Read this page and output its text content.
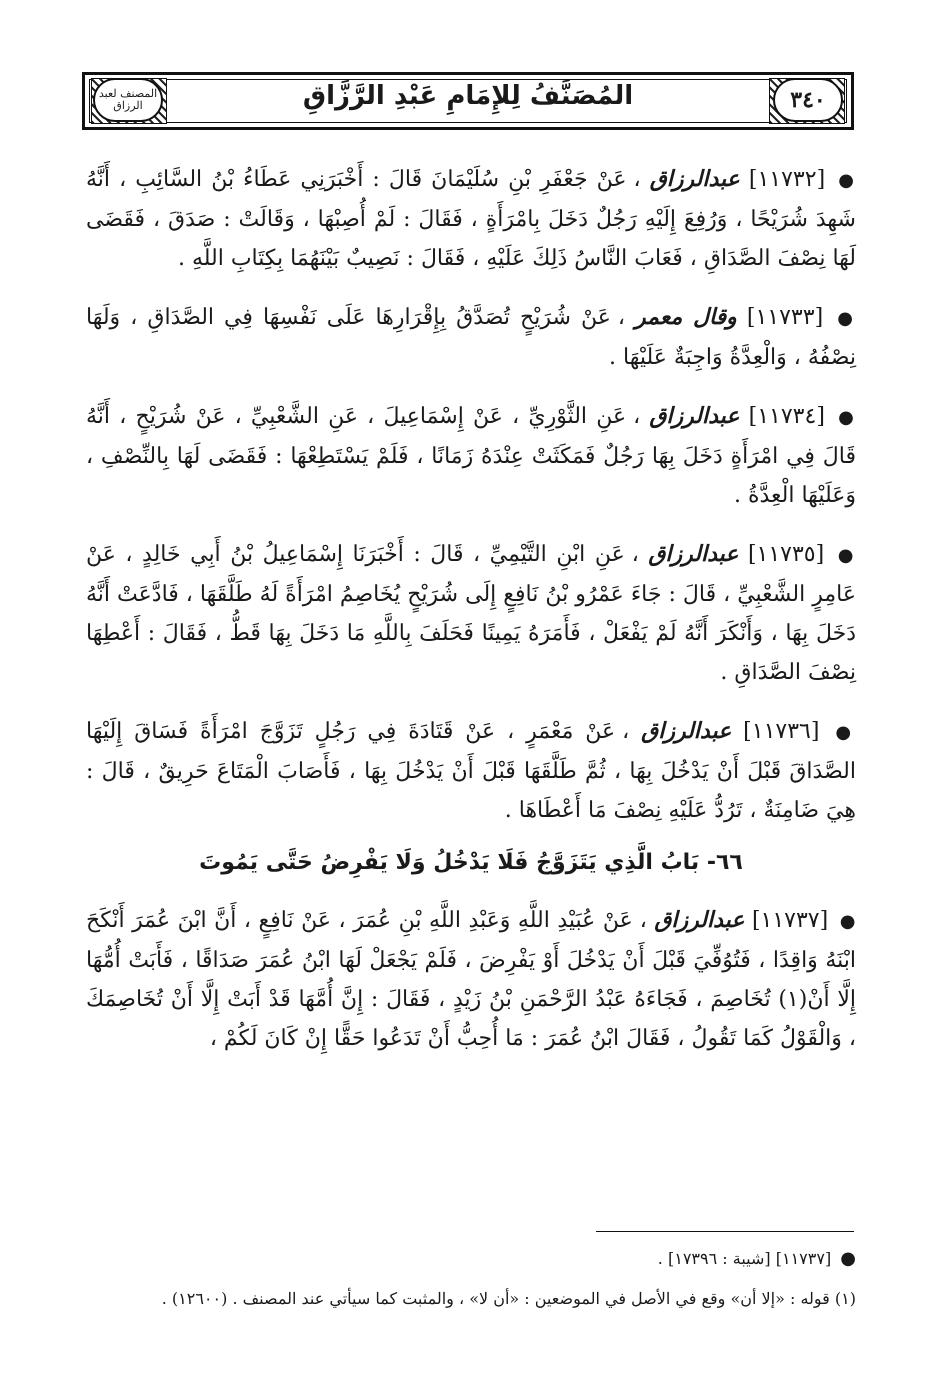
٣٤٠
المصنف لعبد الرزاق	المُصَنَّفُ لِلإِمَامِ عَبْدِ الرَّزَّاقِ

● [١١٧٣٢] عبدالرزاق ، عَنْ جَعْفَرِ بْنِ سُلَيْمَانَ قَالَ : أَخْبَرَنِي عَطَاءُ بْنُ السَّائِبِ ، أَنَّهُ شَهِدَ شُرَيْحًا ، وَرُفِعَ إِلَيْهِ رَجُلٌ دَخَلَ بِامْرَأَةٍ ، فَقَالَ : لَمْ أُصِبْهَا ، وَقَالَتْ : صَدَقَ ، فَقَضَى لَهَا نِصْفَ الصَّدَاقِ ، فَعَابَ النَّاسُ ذَلِكَ عَلَيْهِ ، فَقَالَ : نَصِيبٌ بَيْنَهُمَا بِكِتَابِ اللَّهِ .

● [١١٧٣٣] وقال معمر ، عَنْ شُرَيْحٍ تُصَدَّقُ بِإِقْرَارِهَا عَلَى نَفْسِهَا فِي الصَّدَاقِ ، وَلَهَا نِصْفُهُ ، وَالْعِدَّةُ وَاجِبَةٌ عَلَيْهَا .

● [١١٧٣٤] عبدالرزاق ، عَنِ الثَّوْرِيِّ ، عَنْ إِسْمَاعِيلَ ، عَنِ الشَّعْبِيِّ ، عَنْ شُرَيْحٍ ، أَنَّهُ قَالَ فِي امْرَأَةٍ دَخَلَ بِهَا رَجُلٌ فَمَكَثَتْ عِنْدَهُ زَمَانًا ، فَلَمْ يَسْتَطِعْهَا : فَقَضَى لَهَا بِالنِّصْفِ ، وَعَلَيْهَا الْعِدَّةُ .

● [١١٧٣٥] عبدالرزاق ، عَنِ ابْنِ التَّيْمِيِّ ، قَالَ : أَخْبَرَنَا إِسْمَاعِيلُ بْنُ أَبِي خَالِدٍ ، عَنْ عَامِرٍ الشَّعْبِيِّ ، قَالَ : جَاءَ عَمْرُو بْنُ نَافِعٍ إِلَى شُرَيْحٍ يُخَاصِمُ امْرَأَةً لَهُ طَلَّقَهَا ، فَادَّعَتْ أَنَّهُ دَخَلَ بِهَا ، وَأَنْكَرَ أَنَّهُ لَمْ يَفْعَلْ ، فَأَمَرَهُ يَمِينًا فَحَلَفَ بِاللَّهِ مَا دَخَلَ بِهَا قَطُّ ، فَقَالَ : أَعْطِهَا نِصْفَ الصَّدَاقِ .

● [١١٧٣٦] عبدالرزاق ، عَنْ مَعْمَرٍ ، عَنْ قَتَادَةَ فِي رَجُلٍ تَزَوَّجَ امْرَأَةً فَسَاقَ إِلَيْهَا الصَّدَاقَ قَبْلَ أَنْ يَدْخُلَ بِهَا ، ثُمَّ طَلَّقَهَا قَبْلَ أَنْ يَدْخُلَ بِهَا ، فَأَصَابَ الْمَتَاعَ حَرِيقٌ ، قَالَ : هِيَ ضَامِنَةٌ ، تَرُدُّ عَلَيْهِ نِصْفَ مَا أَعْطَاهَا .

٦٦- بَابُ الَّذِي يَتَزَوَّجُ فَلَا يَدْخُلُ وَلَا يَفْرِضُ حَتَّى يَمُوتَ

● [١١٧٣٧] عبدالرزاق ، عَنْ عُبَيْدِ اللَّهِ وَعَبْدِ اللَّهِ بْنِ عُمَرَ ، عَنْ نَافِعٍ ، أَنَّ ابْنَ عُمَرَ أَنْكَحَ ابْنَهُ وَاقِدًا ، فَتُوُفِّيَ قَبْلَ أَنْ يَدْخُلَ أَوْ يَفْرِضَ ، فَلَمْ يَجْعَلْ لَهَا ابْنُ عُمَرَ صَدَاقًا ، فَأَبَتْ أُمُّهَا إِلَّا أَنْ(١) تُخَاصِمَ ، فَجَاءَهُ عَبْدُ الرَّحْمَنِ بْنُ زَيْدٍ ، فَقَالَ : إِنَّ أُمَّهَا قَدْ أَبَتْ إِلَّا أَنْ تُخَاصِمَكَ ، وَالْقَوْلُ كَمَا تَقُولُ ، فَقَالَ ابْنُ عُمَرَ : مَا أُحِبُّ أَنْ تَدَعُوا حَقًّا إِنْ كَانَ لَكُمْ ،

● [١١٧٣٧] [شيبة : ١٧٣٩٦] .
(١) قوله : «إلا أن» وقع في الأصل في الموضعين : «أن لا» ، والمثبت كما سيأتي عند المصنف . (١٢٦٠٠) .
